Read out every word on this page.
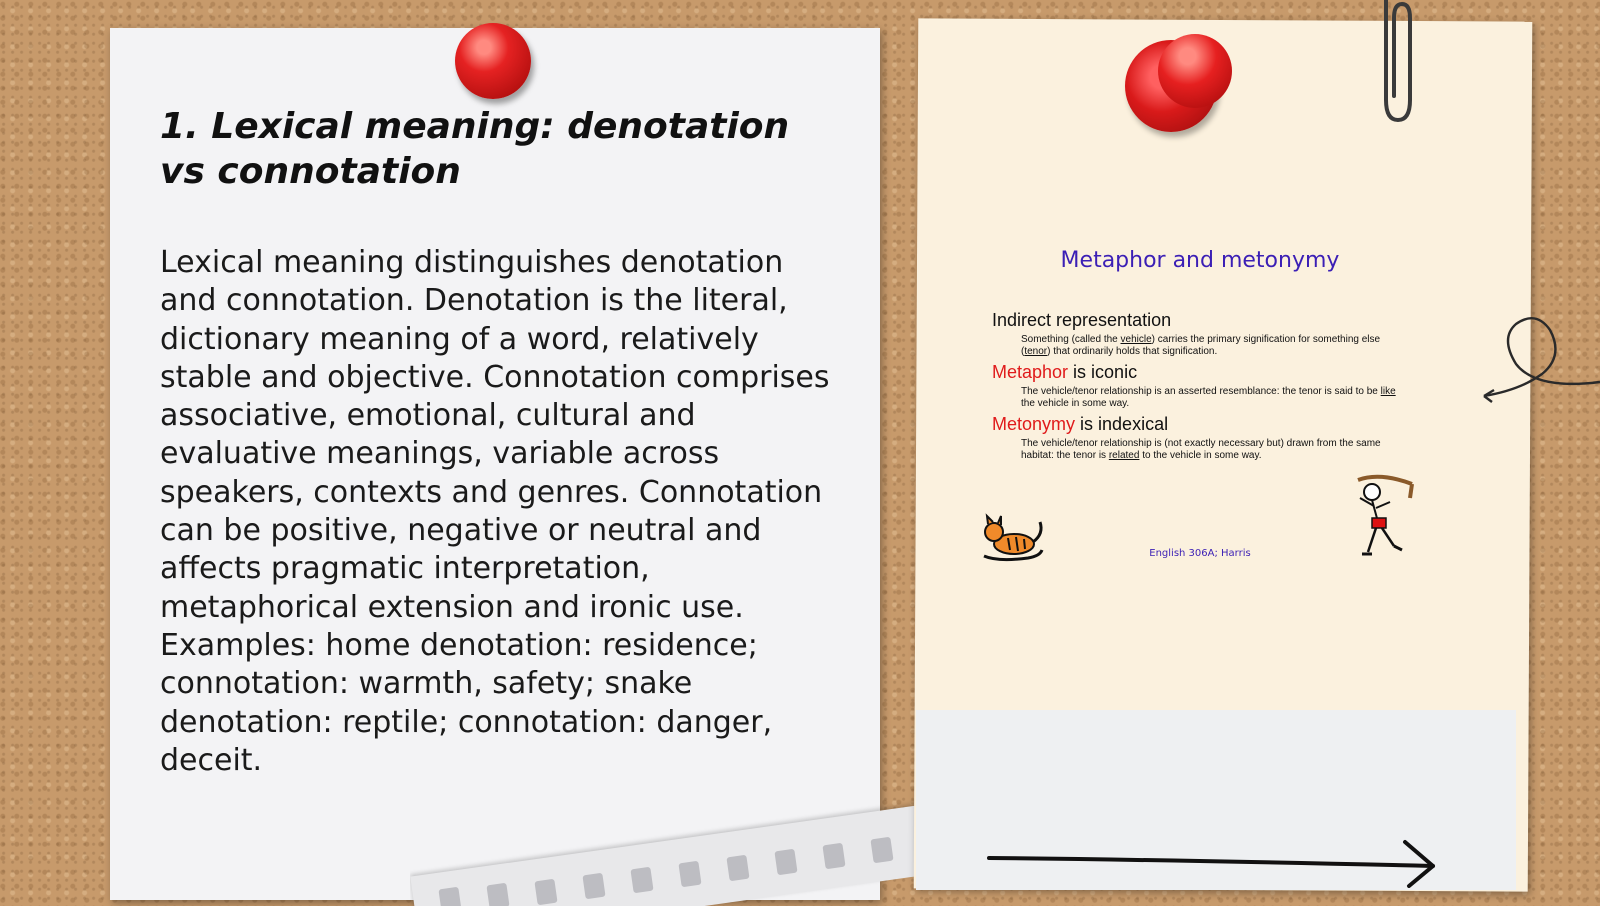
1. Lexical meaning: denotation vs connotation

Lexical meaning distinguishes denotation and connotation. Denotation is the literal, dictionary meaning of a word, relatively stable and objective. Connotation comprises associative, emotional, cultural and evaluative meanings, variable across speakers, contexts and genres. Connotation can be positive, negative or neutral and affects pragmatic interpretation, metaphorical extension and ironic use. Examples: home denotation: residence; connotation: warmth, safety; snake denotation: reptile; connotation: danger, deceit.

Metaphor and metonymy

Indirect representation

Something (called the vehicle) carries the primary signification for something else (tenor) that ordinarily holds that signification.

Metaphor is iconic

The vehicle/tenor relationship is an asserted resemblance: the tenor is said to be like the vehicle in some way.

Metonymy is indexical

The vehicle/tenor relationship is (not exactly necessary but) drawn from the same habitat: the tenor is related to the vehicle in some way.

English 306A; Harris
